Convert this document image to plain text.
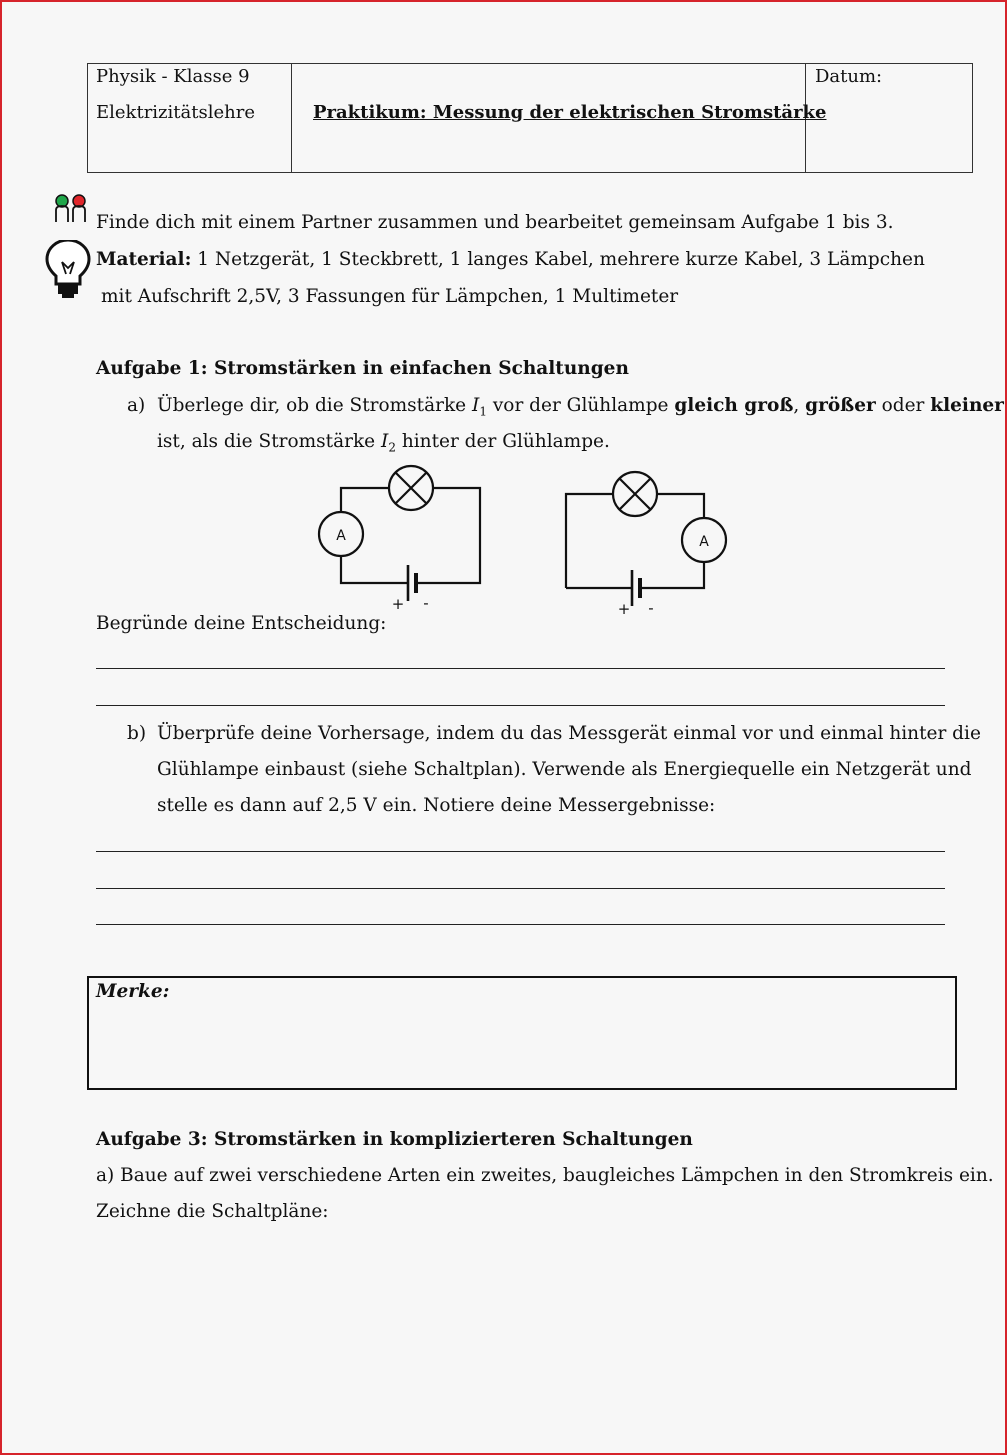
Physik - Klasse 9
Elektrizitätslehre	Praktikum: Messung der elektrischen Stromstärke
Datum:
Finde dich mit einem Partner zusammen und bearbeitet gemeinsam Aufgabe 1 bis 3.
Material: 1 Netzgerät, 1 Steckbrett, 1 langes Kabel, mehrere kurze Kabel, 3 Lämpchen
mit Aufschrift 2,5V, 3 Fassungen für Lämpchen, 1 Multimeter
Aufgabe 1: Stromstärken in einfachen Schaltungen
a) Überlege dir, ob die Stromstärke $I_1$ vor der Glühlampe gleich groß, größer oder kleiner
ist, als die Stromstärke $I_2$ hinter der Glühlampe.
A
+ -
A
+ -
Begründe deine Entscheidung:
b) Überprüfe deine Vorhersage, indem du das Messgerät einmal vor und einmal hinter die
Glühlampe einbaust (siehe Schaltplan). Verwende als Energiequelle ein Netzgerät und
stelle es dann auf 2,5 V ein. Notiere deine Messergebnisse:
Merke:
Aufgabe 3: Stromstärken in komplizierteren Schaltungen
a) Baue auf zwei verschiedene Arten ein zweites, baugleiches Lämpchen in den Stromkreis ein.
Zeichne die Schaltpläne:
